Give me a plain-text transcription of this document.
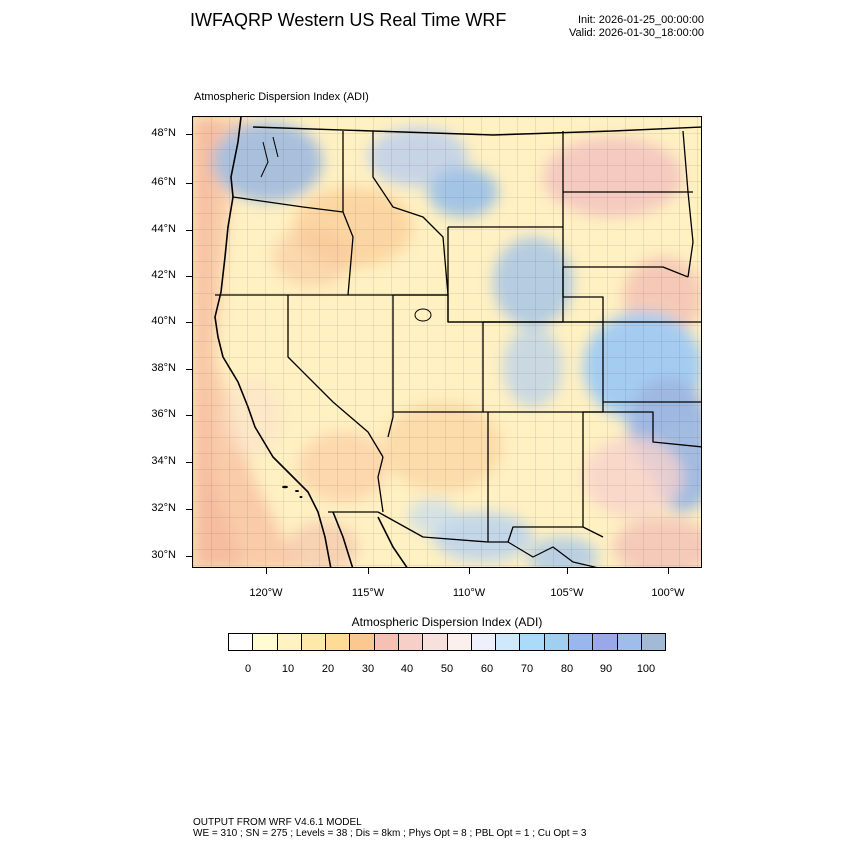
IWFAQRP Western US Real Time WRF	Init: 2026-01-25_00:00:00
Valid: 2026-01-30_18:00:00
Atmospheric Dispersion Index (ADI)
48°N
46°N
44°N
42°N
40°N
38°N
36°N
34°N
32°N
30°N
120°W	115°W	110°W	105°W	100°W
Atmospheric Dispersion Index (ADI)
0	10	20	30	40	50	60	70	80	90	100
OUTPUT FROM WRF V4.6.1 MODEL
WE = 310 ; SN = 275 ; Levels = 38 ; Dis = 8km ; Phys Opt = 8 ; PBL Opt = 1 ; Cu Opt = 3
